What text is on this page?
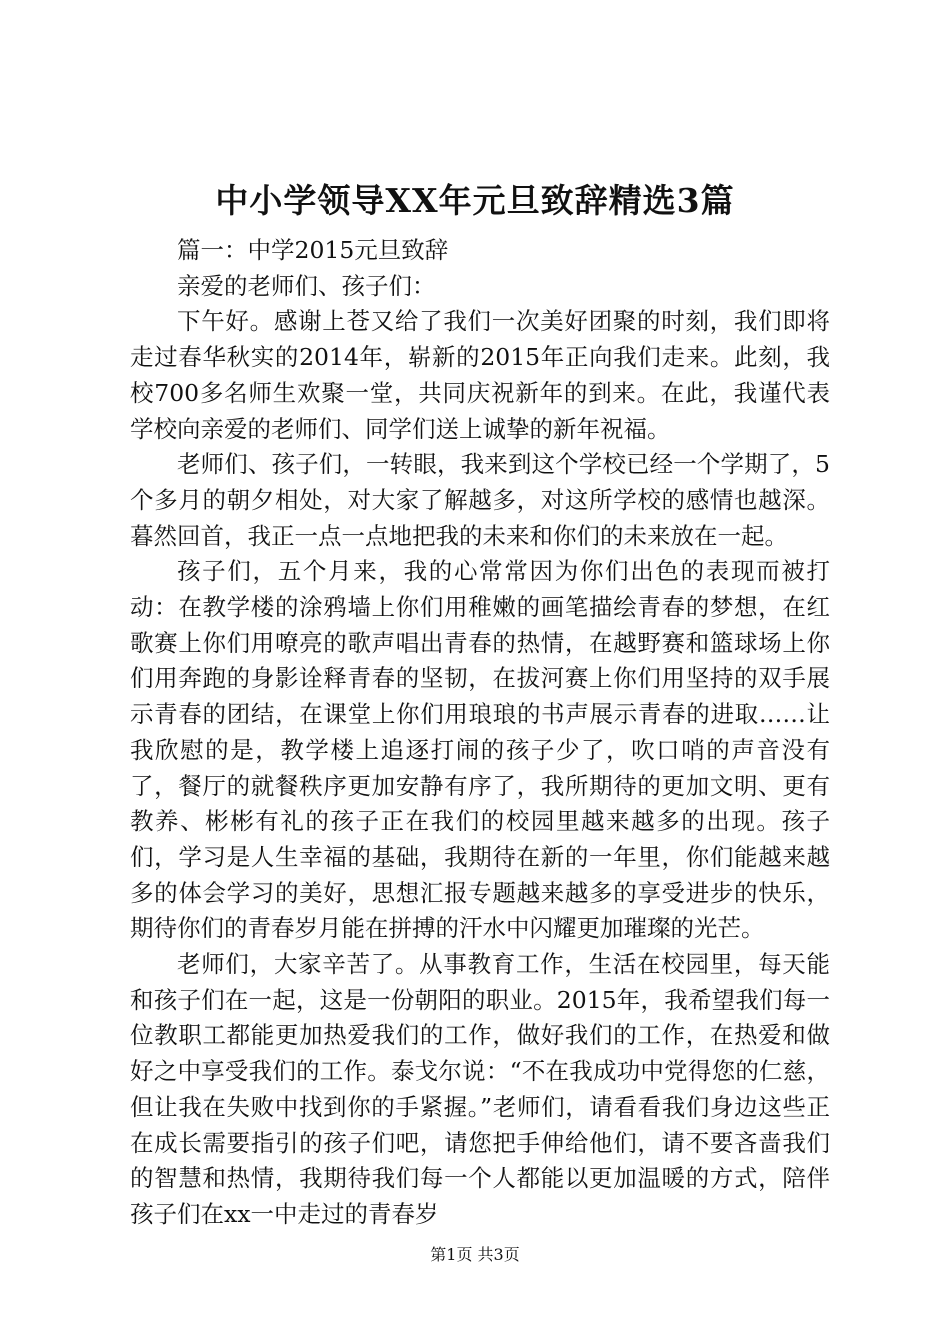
中小学领导XX年元旦致辞精选3篇

篇一：中学2015元旦致辞

亲爱的老师们、孩子们：

下午好。感谢上苍又给了我们一次美好团聚的时刻，我们即将走过春华秋实的2014年，崭新的2015年正向我们走来。此刻，我校700多名师生欢聚一堂，共同庆祝新年的到来。在此，我谨代表学校向亲爱的老师们、同学们送上诚挚的新年祝福。

老师们、孩子们，一转眼，我来到这个学校已经一个学期了，5个多月的朝夕相处，对大家了解越多，对这所学校的感情也越深。暮然回首，我正一点一点地把我的未来和你们的未来放在一起。

孩子们，五个月来，我的心常常因为你们出色的表现而被打动：在教学楼的涂鸦墙上你们用稚嫩的画笔描绘青春的梦想，在红歌赛上你们用嘹亮的歌声唱出青春的热情，在越野赛和篮球场上你们用奔跑的身影诠释青春的坚韧，在拔河赛上你们用坚持的双手展示青春的团结，在课堂上你们用琅琅的书声展示青春的进取……让我欣慰的是，教学楼上追逐打闹的孩子少了，吹口哨的声音没有了，餐厅的就餐秩序更加安静有序了，我所期待的更加文明、更有教养、彬彬有礼的孩子正在我们的校园里越来越多的出现。孩子们，学习是人生幸福的基础，我期待在新的一年里，你们能越来越多的体会学习的美好，思想汇报专题越来越多的享受进步的快乐，期待你们的青春岁月能在拼搏的汗水中闪耀更加璀璨的光芒。

老师们，大家辛苦了。从事教育工作，生活在校园里，每天能和孩子们在一起，这是一份朝阳的职业。2015年，我希望我们每一位教职工都能更加热爱我们的工作，做好我们的工作，在热爱和做好之中享受我们的工作。泰戈尔说：“不在我成功中党得您的仁慈，但让我在失败中找到你的手紧握。”老师们，请看看我们身边这些正在成长需要指引的孩子们吧，请您把手伸给他们，请不要吝啬我们的智慧和热情，我期待我们每一个人都能以更加温暖的方式，陪伴孩子们在xx一中走过的青春岁

第1页 共3页
